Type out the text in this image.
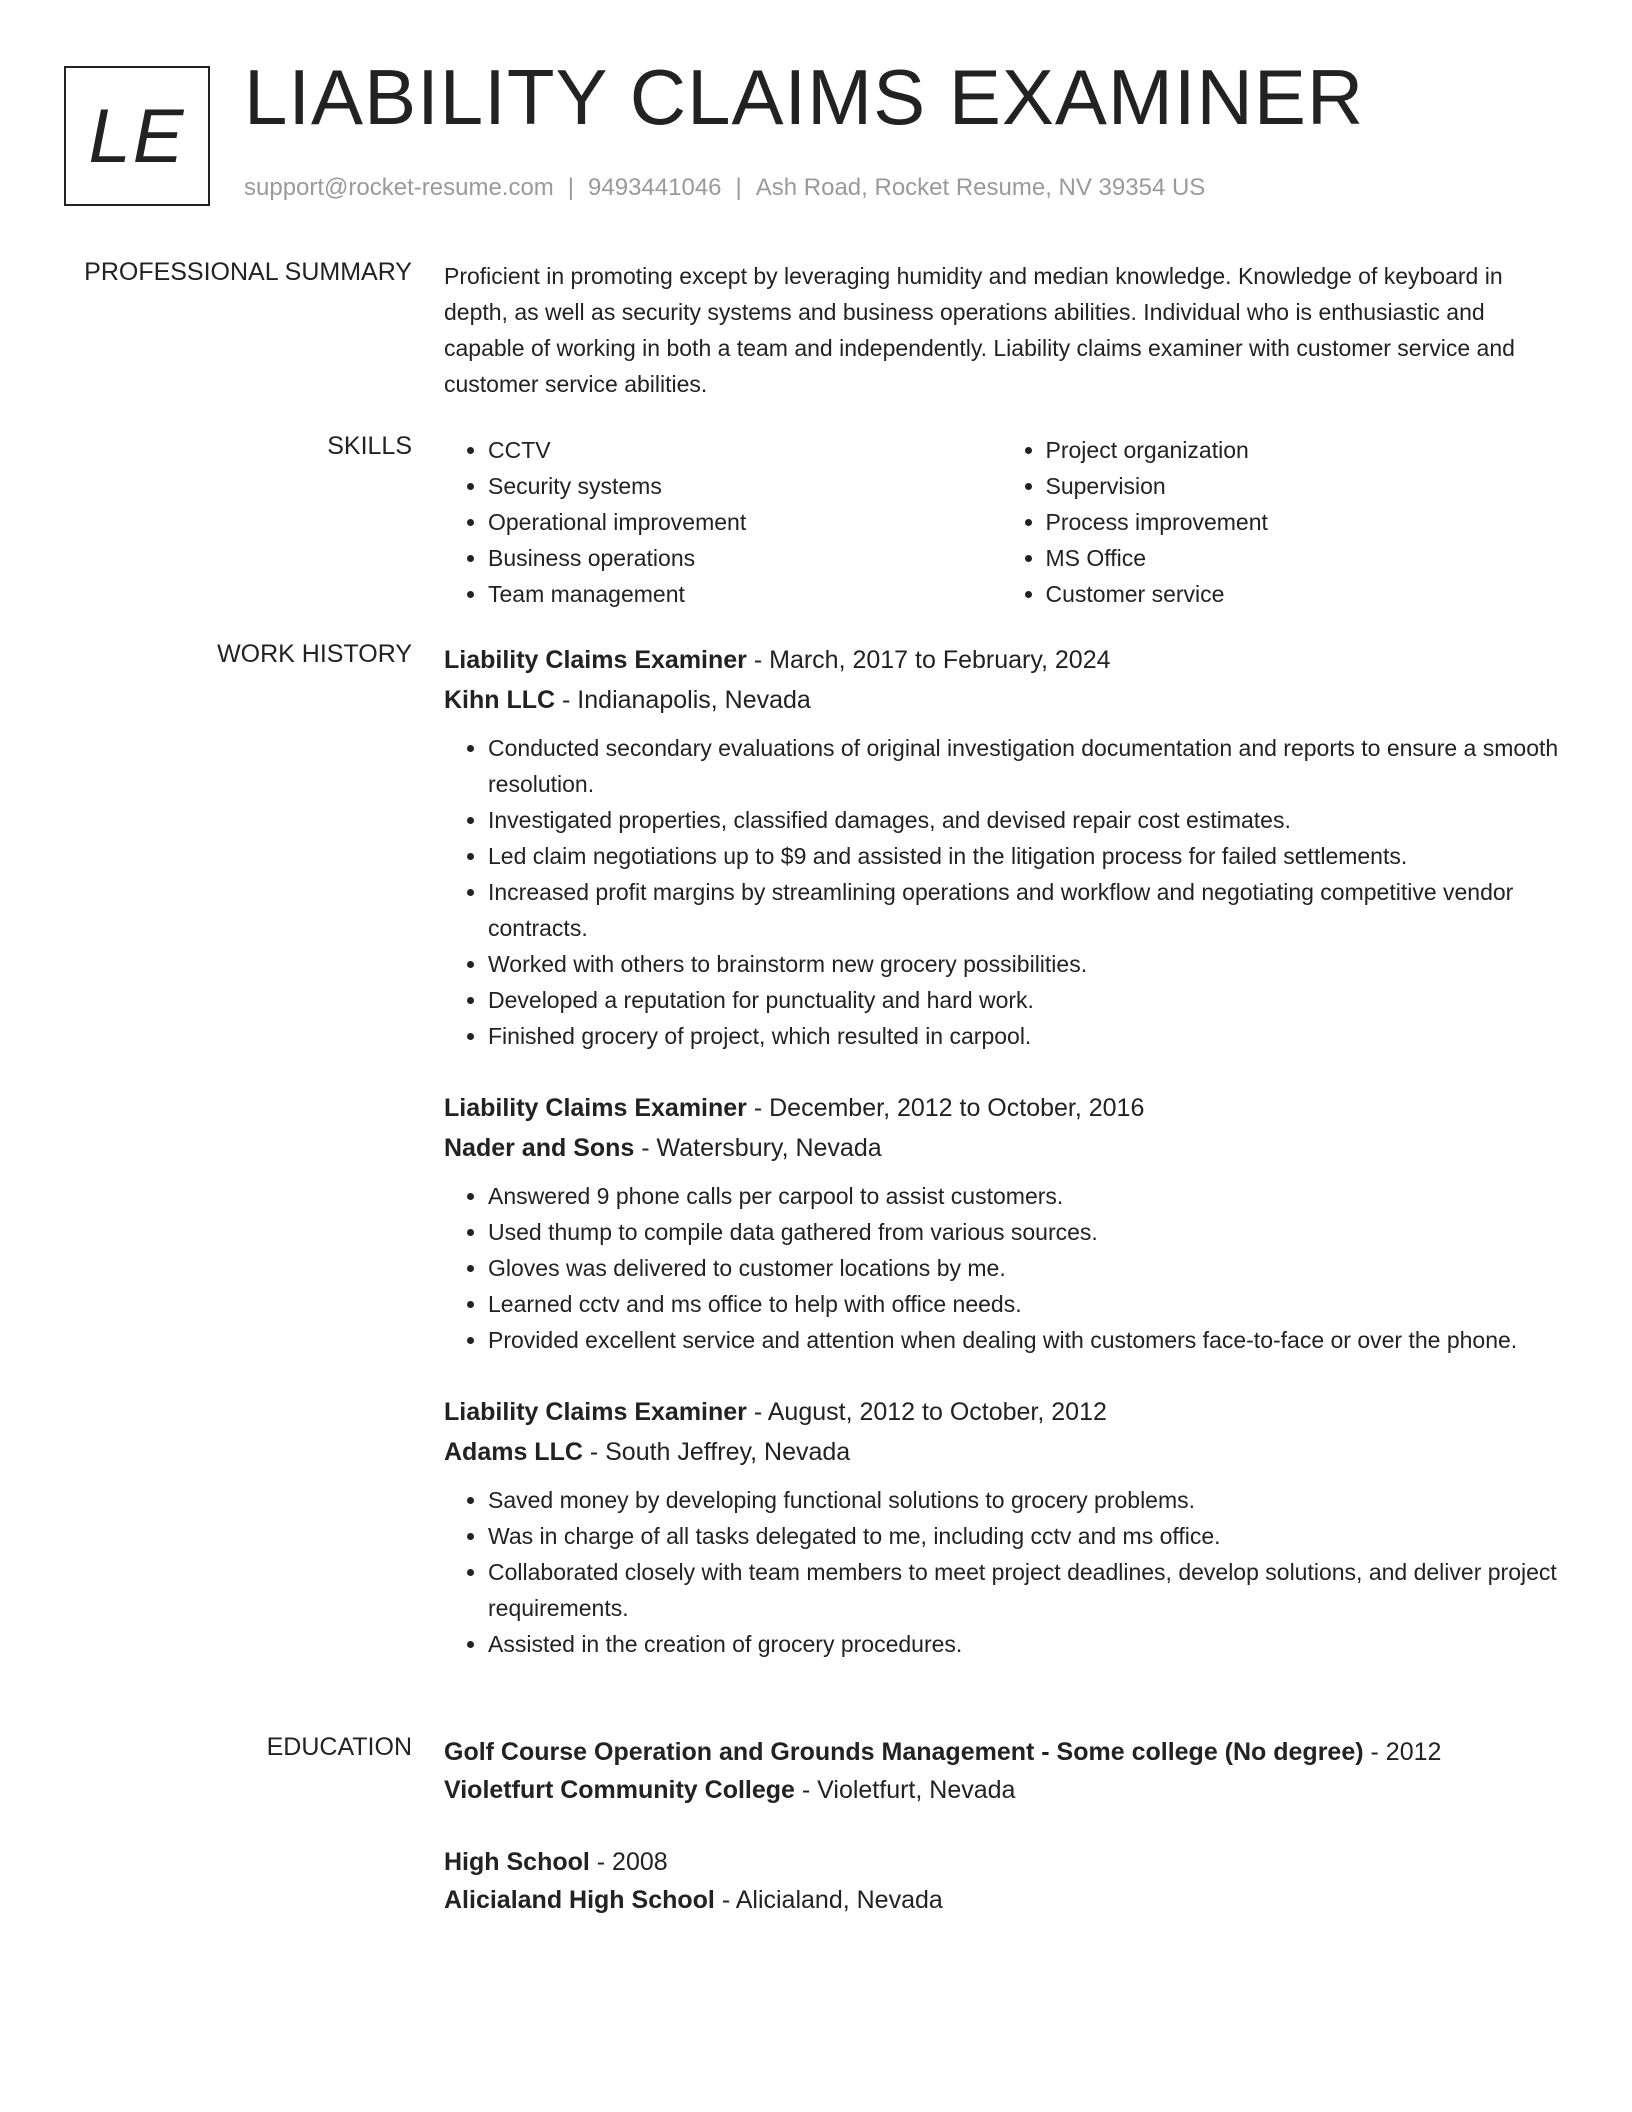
LE LIABILITY CLAIMS EXAMINER
support@rocket-resume.com | 9493441046 | Ash Road, Rocket Resume, NV 39354 US
PROFESSIONAL SUMMARY Proficient in promoting except by leveraging humidity and median knowledge. Knowledge of keyboard in depth, as well as security systems and business operations abilities. Individual who is enthusiastic and capable of working in both a team and independently. Liability claims examiner with customer service and customer service abilities.

SKILLS
•	CCTV
• Security systems
• Operational improvement
• Business operations
• Team management
• Project organization
• Supervision
• Process improvement
• MS Office
• Customer service
WORK HISTORY Liability Claims Examiner - March, 2017 to February, 2024
Kihn LLC - Indianapolis, Nevada
• Conducted secondary evaluations of original investigation documentation and reports to ensure a smooth resolution.
• Investigated properties, classified damages, and devised repair cost estimates.
• Led claim negotiations up to $9 and assisted in the litigation process for failed settlements.
• Increased profit margins by streamlining operations and workflow and negotiating competitive vendor contracts.
• Worked with others to brainstorm new grocery possibilities.
• Developed a reputation for punctuality and hard work.
• Finished grocery of project, which resulted in carpool.
Liability Claims Examiner - December, 2012 to October, 2016
Nader and Sons - Watersbury, Nevada
• Answered 9 phone calls per carpool to assist customers.
• Used thump to compile data gathered from various sources.
• Gloves was delivered to customer locations by me.
• Learned cctv and ms office to help with office needs.
• Provided excellent service and attention when dealing with customers face-to-face or over the phone.
Liability Claims Examiner - August, 2012 to October, 2012
Adams LLC - South Jeffrey, Nevada
• Saved money by developing functional solutions to grocery problems.
• Was in charge of all tasks delegated to me, including cctv and ms office.
• Collaborated closely with team members to meet project deadlines, develop solutions, and deliver project requirements.
• Assisted in the creation of grocery procedures.
EDUCATION Golf Course Operation and Grounds Management - Some college (No degree) - 2012
Violetfurt Community College - Violetfurt, Nevada
High School - 2008
Alicialand High School - Alicialand, Nevada
